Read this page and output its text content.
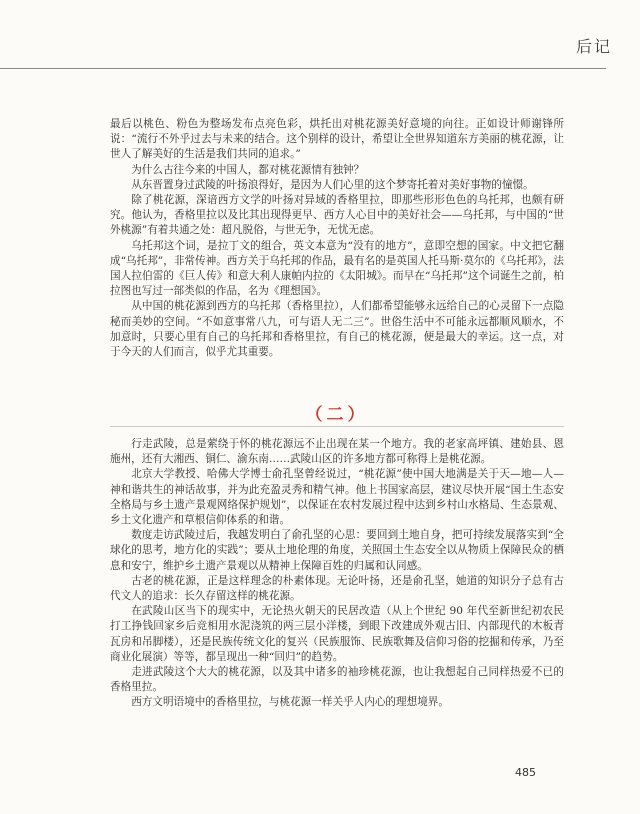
后记

最后以桃色、粉色为整场发布点亮色彩，烘托出对桃花源美好意境的向往。正如设计师谢锋所说：“流行不外乎过去与未来的结合。这个别样的设计，希望让全世界知道东方美丽的桃花源，让世人了解美好的生活是我们共同的追求。”

为什么古往今来的中国人，都对桃花源情有独钟？

从东晋置身过武陵的叶扬浪得好，是因为人们心里的这个梦寄托着对美好事物的憧憬。

除了桃花源，深谙西方文学的叶扬对异域的香格里拉，即那些形形色色的乌托邦，也颇有研究。他认为，香格里拉以及比其出现得更早、西方人心目中的美好社会——乌托邦，与中国的“世外桃源”有着共通之处：超凡脱俗，与世无争，无忧无虑。

乌托邦这个词，是拉丁文的组合，英文本意为“没有的地方”，意即空想的国家。中文把它翻成“乌托邦”，非常传神。西方关于乌托邦的作品，最有名的是英国人托马斯·莫尔的《乌托邦》，法国人拉伯雷的《巨人传》和意大利人康帕内拉的《太阳城》。而早在“乌托邦”这个词诞生之前，柏拉图也写过一部类似的作品，名为《理想国》。

从中国的桃花源到西方的乌托邦（香格里拉），人们都希望能够永远给自己的心灵留下一点隐秘而美妙的空间。“不如意事常八九，可与语人无二三”。世俗生活中不可能永远都顺风顺水，不加意时，只要心里有自己的乌托邦和香格里拉，有自己的桃花源，便是最大的幸运。这一点，对于今天的人们而言，似乎尤其重要。

（二）

行走武陵，总是萦绕于怀的桃花源远不止出现在某一个地方。我的老家高坪镇、建始县、恩施州，还有大湘西、铜仁、渝东南……武陵山区的许多地方都可称得上是桃花源。

北京大学教授、哈佛大学博士俞孔坚曾经说过，“桃花源”使中国大地满是关于天—地—人—神和谐共生的神话故事，并为此充盈灵秀和精气神。他上书国家高层，建议尽快开展“国土生态安全格局与乡土遗产景观网络保护规划”，以保证在农村发展过程中达到乡村山水格局、生态景观、乡土文化遗产和草根信仰体系的和谐。

数度走访武陵过后，我越发明白了俞孔坚的心思：要回到土地自身，把可持续发展落实到“全球化的思考，地方化的实践”；要从土地伦理的角度，关照国土生态安全以从物质上保障民众的栖息和安宁，维护乡土遗产景观以从精神上保障百姓的归属和认同感。

古老的桃花源，正是这样理念的朴素体现。无论叶扬，还是俞孔坚，她道的知识分子总有古代文人的追求：长久存留这样的桃花源。

在武陵山区当下的现实中，无论热火朝天的民居改造（从上个世纪 90 年代至新世纪初农民打工挣钱回家乡后竞相用水泥浇筑的两三层小洋楼，到眼下改建成外观古旧、内部现代的木板青瓦房和吊脚楼），还是民族传统文化的复兴（民族服饰、民族歌舞及信仰习俗的挖掘和传承，乃至商业化展演）等等，都呈现出一种“回归”的趋势。

走进武陵这个大大的桃花源，以及其中诸多的袖珍桃花源，也让我想起自己同样热爱不已的香格里拉。

西方文明语境中的香格里拉，与桃花源一样关乎人内心的理想境界。

485
